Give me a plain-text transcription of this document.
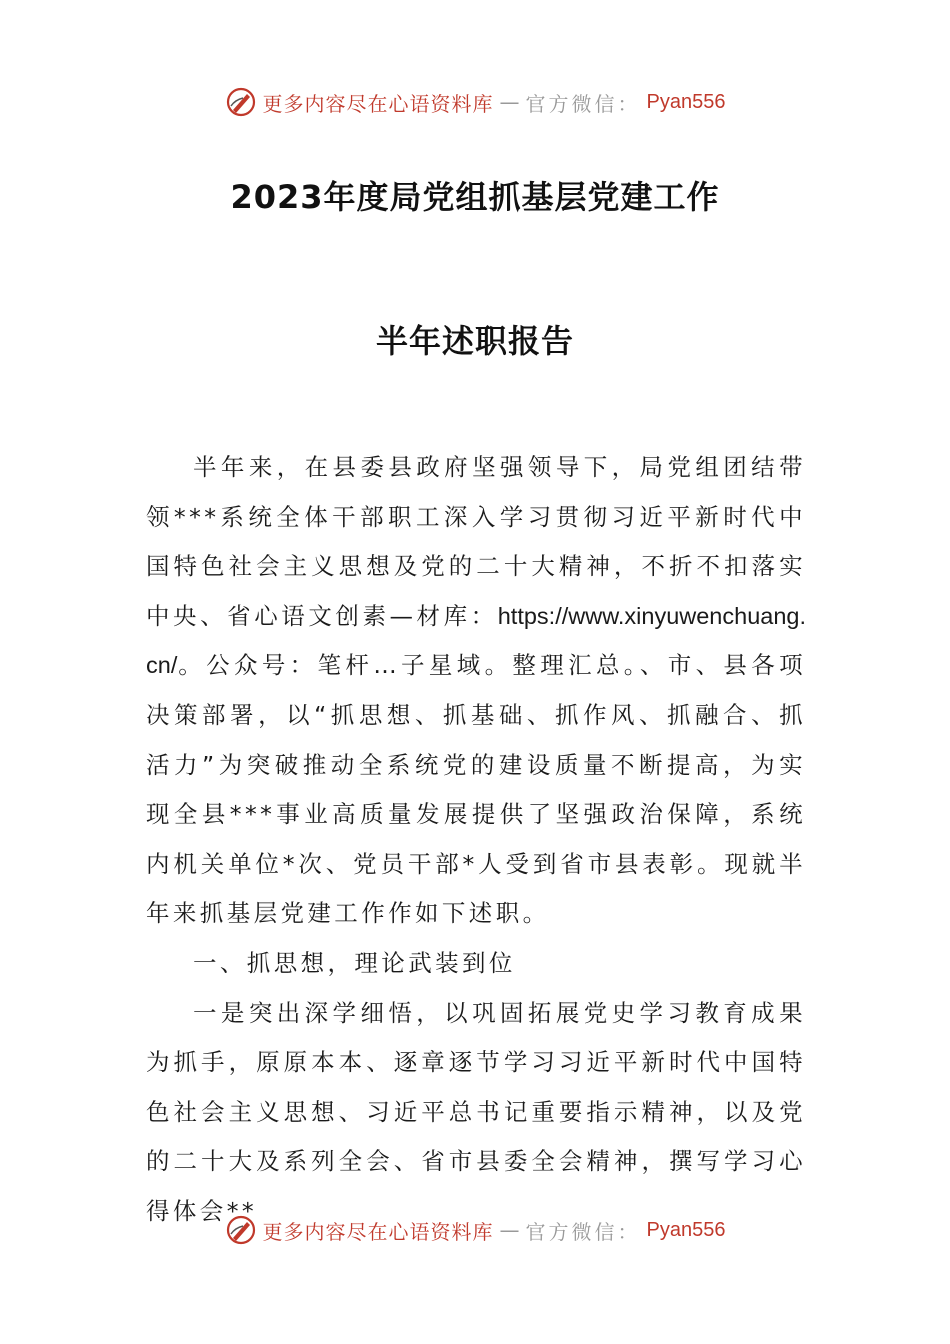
更多内容尽在心语资料库 — 官方微信： Pyan556
2023年度局党组抓基层党建工作
半年述职报告

半年来，在县委县政府坚强领导下，局党组团结带领***系统全体干部职工深入学习贯彻习近平新时代中国特色社会主义思想及党的二十大精神，不折不扣落实中央、省心语文创素—材库：https://www.xinyuwenchuang.cn/。公众号：笔杆…子星域。整理汇总。、市、县各项决策部署，以“抓思想、抓基础、抓作风、抓融合、抓活力”为突破推动全系统党的建设质量不断提高，为实现全县***事业高质量发展提供了坚强政治保障，系统内机关单位*次、党员干部*人受到省市县表彰。现就半年来抓基层党建工作作如下述职。

一、抓思想，理论武装到位

一是突出深学细悟，以巩固拓展党史学习教育成果为抓手，原原本本、逐章逐节学习习近平新时代中国特色社会主义思想、习近平总书记重要指示精神，以及党的二十大及系列全会、省市县委全会精神，撰写学习心得体会**

更多内容尽在心语资料库 — 官方微信： Pyan556
